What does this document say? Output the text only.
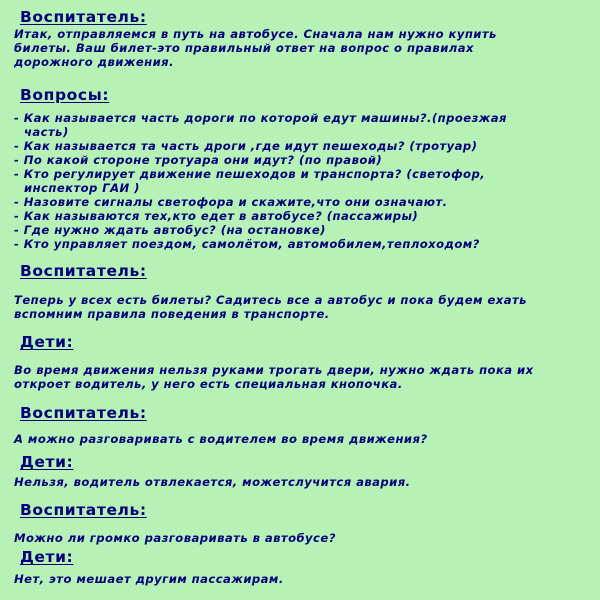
Воспитатель:
Итак, отправляемся в путь на автобусе. Сначала нам нужно купить
билеты. Ваш билет-это правильный ответ на вопрос о правилах
дорожного движения.
Вопросы:
- Как называется часть дороги по которой едут машины?.(проезжая
часть)
- Как называется та часть дроги ,где идут пешеходы? (тротуар)
- По какой стороне тротуара они идут? (по правой)
- Кто регулирует движение пешеходов и транспорта? (светофор,
инспектор ГАИ )
- Назовите сигналы светофора и скажите,что они означают.
- Как называются тех,кто едет в автобусе? (пассажиры)
- Где нужно ждать автобус? (на остановке)
- Кто управляет поездом, самолётом, автомобилем,теплоходом?
Воспитатель:
Теперь у всех есть билеты? Садитесь все а автобус и пока будем ехать
вспомним правила поведения в транспорте.
Дети:
Во время движения нельзя руками трогать двери, нужно ждать пока их
откроет водитель, у него есть специальная кнопочка.
Воспитатель:
А можно разговаривать с водителем во время движения?
Дети:
Нельзя, водитель отвлекается, можетслучится авария.
Воспитатель:
Можно ли громко разговаривать в автобусе?
Дети:
Нет, это мешает другим пассажирам.
